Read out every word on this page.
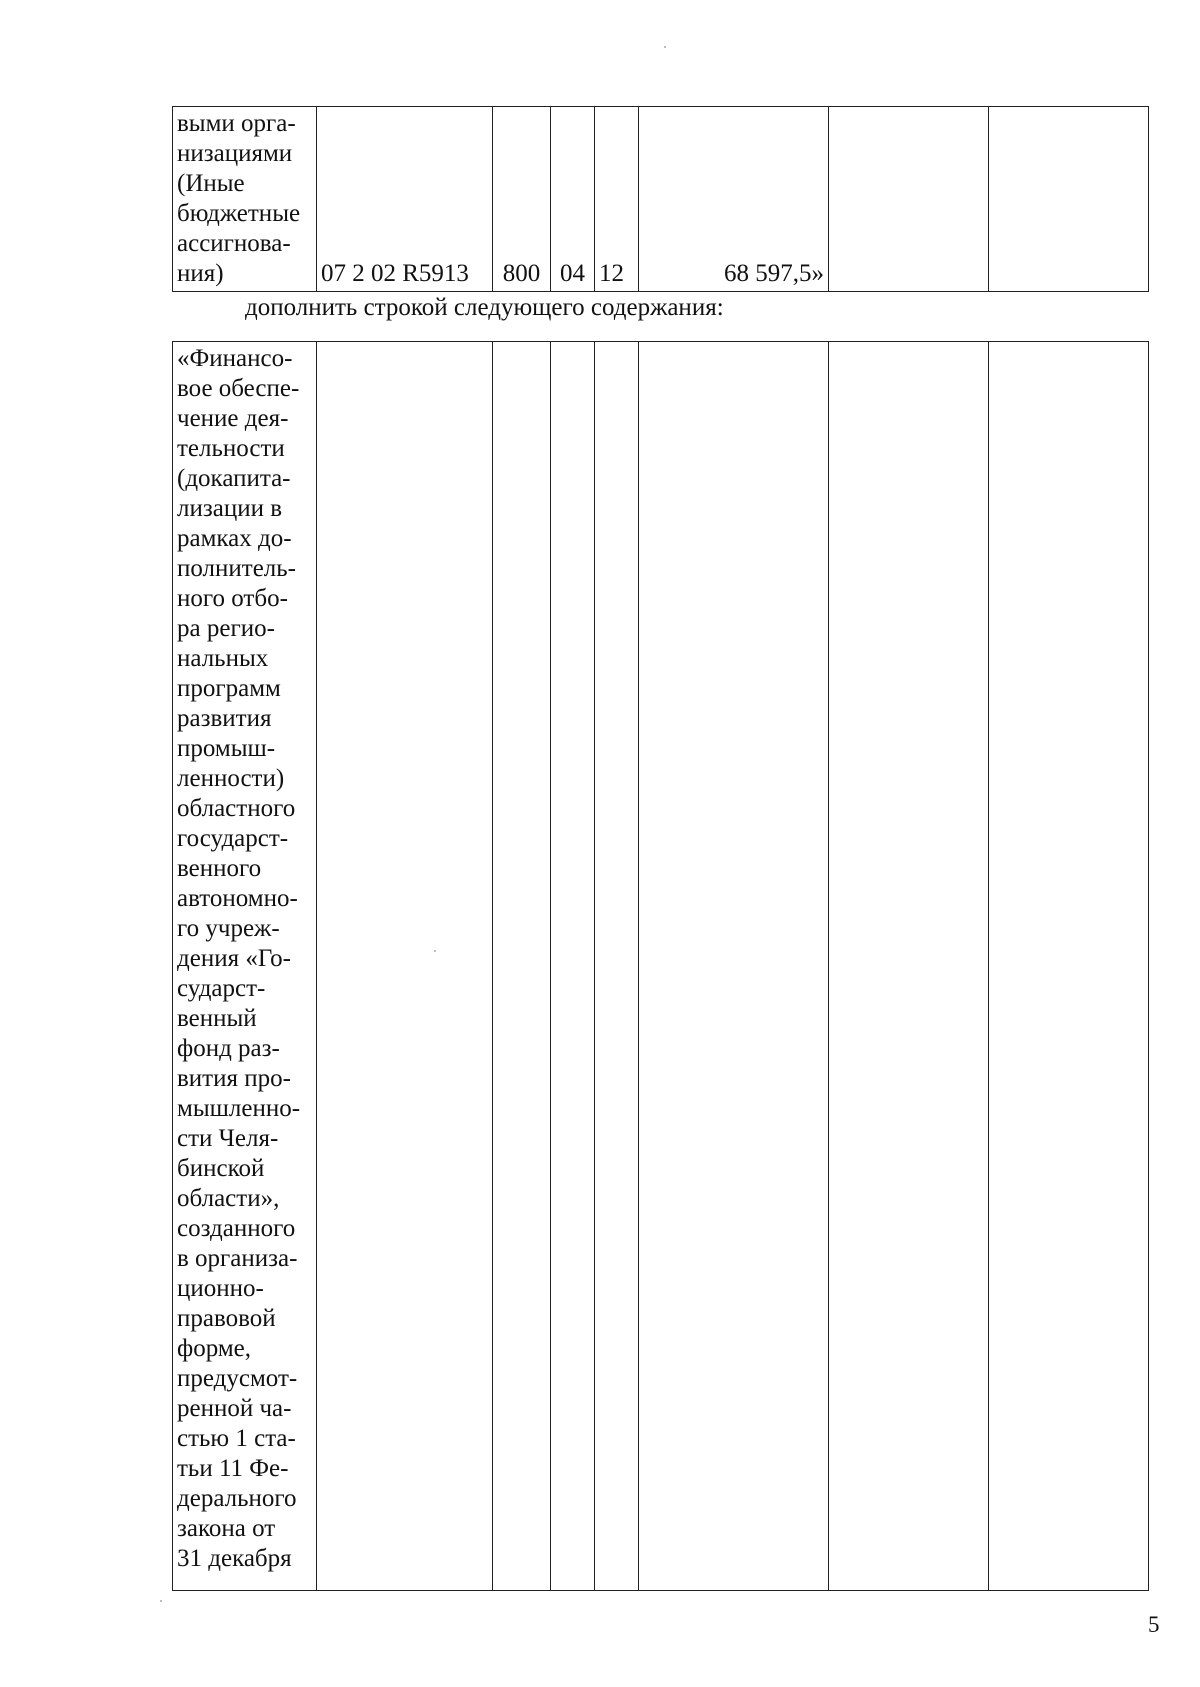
выми орга-
низациями
(Иные
бюджетные
ассигнова-
ния)	07 2 02 R5913	800	04	12	68 597,5»		
дополнить строкой следующего содержания:
«Финансо-
вое обеспе-
чение дея-
тельности
(докапита-
лизации в
рамках до-
полнитель-
ного отбо-
ра регио-
нальных
программ
развития
промыш-
ленности)
областного
государст-
венного
автономно-
го учреж-
дения «Го-
сударст-
венный
фонд раз-
вития про-
мышленно-
сти Челя-
бинской
области»,
созданного
в организа-
ционно-
правовой
форме,
предусмот-
ренной ча-
стью 1 ста-
тьи 11 Фе-
дерального
закона от
31 декабря							
5
